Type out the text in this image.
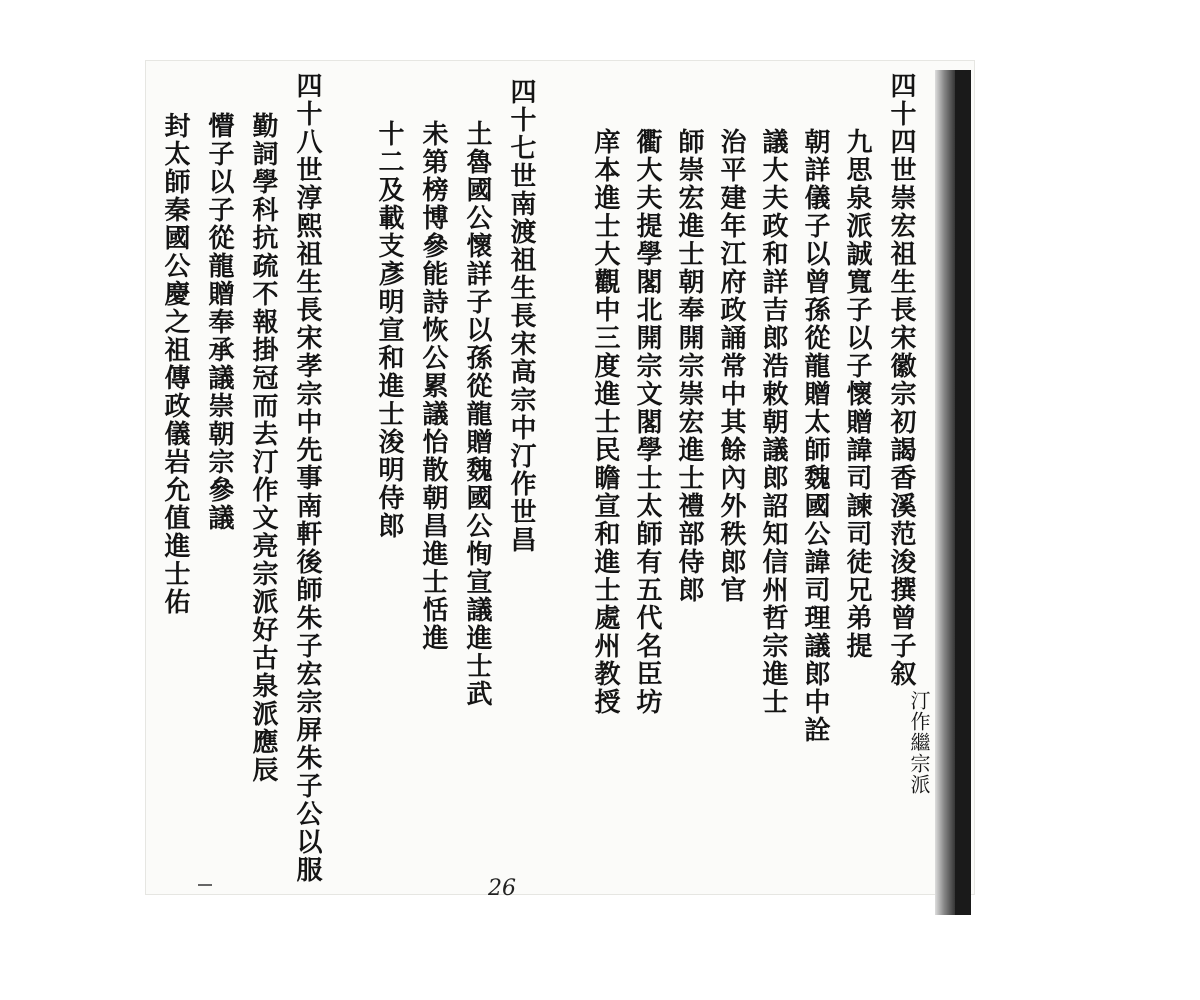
四十四世崇宏祖生長宋徽宗初謁香溪范浚撰曾子叙
九思泉派誠寬子以子懷贈諱司諫司徒兄弟提
朝詳儀子以曾孫從龍贈太師魏國公諱司理議郎中詮
議大夫政和詳吉郎浩敕朝議郎詔知信州哲宗進士
治平建年江府政誦常中其餘內外秩郎官
師崇宏進士朝奉開宗崇宏進士禮部侍郎
衢大夫提學閣北開宗文閣學士太師有五代名臣坊
庠本進士大觀中三度進士民瞻宣和進士處州教授
四十七世南渡祖生長宋高宗中汀作世昌
土魯國公懷詳子以孫從龍贈魏國公恂宣議進士武
未第榜博參能詩恢公累議怡散朝昌進士恬進
十二及載支彥明宣和進士浚明侍郎
四十八世淳熙祖生長宋孝宗中先事南軒後師朱子宏宗屏朱子公以服
勤詞學科抗疏不報掛冠而去汀作文亮宗派好古泉派應辰
懵子以子從龍贈奉承議崇朝宗參議
封太師秦國公慶之祖傳政儀岩允值進士佑
汀作繼宗派
26
